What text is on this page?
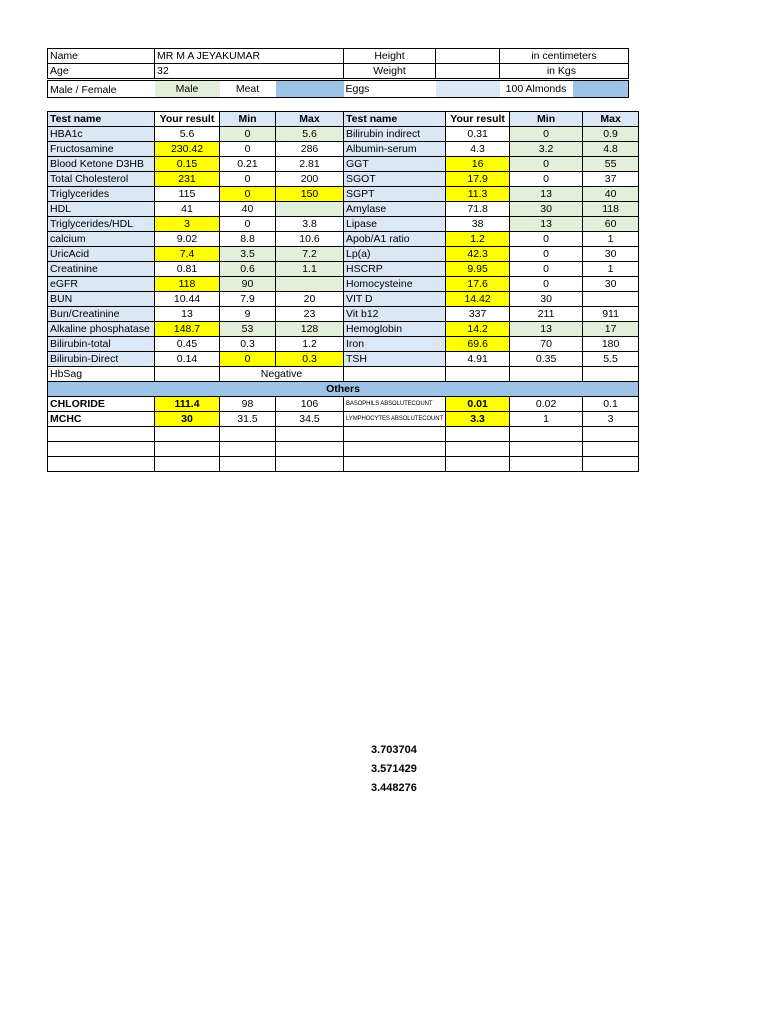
Name	MR M A JEYAKUMAR	Height		in centimeters
Age	32	Weight		in Kgs
Male / Female	Male	Meat		Eggs		100 Almonds	
Test name	Your result	Min	Max	Test name	Your result	Min	Max
HBA1c	5.6	0	5.6	Bilirubin indirect	0.31	0	0.9
Fructosamine	230.42	0	286	Albumin-serum	4.3	3.2	4.8
Blood Ketone D3HB	0.15	0.21	2.81	GGT	16	0	55
Total Cholesterol	231	0	200	SGOT	17.9	0	37
Triglycerides	115	0	150	SGPT	11.3	13	40
HDL	41	40		Amylase	71.8	30	118
Triglycerides/HDL	3	0	3.8	Lipase	38	13	60
calcium	9.02	8.8	10.6	Apob/A1 ratio	1.2	0	1
UricAcid	7.4	3.5	7.2	Lp(a)	42.3	0	30
Creatinine	0.81	0.6	1.1	HSCRP	9.95	0	1
eGFR	118	90		Homocysteine	17.6	0	30
BUN	10.44	7.9	20	VIT D	14.42	30	
Bun/Creatinine	13	9	23	Vit b12	337	211	911
Alkaline phosphatase	148.7	53	128	Hemoglobin	14.2	13	17
Bilirubin-total	0.45	0.3	1.2	Iron	69.6	70	180
Bilirubin-Direct	0.14	0	0.3	TSH	4.91	0.35	5.5
HbSag		Negative					
Others							
CHLORIDE	111.4	98	106	BASOPHILS ABSOLUTECOUNT	0.01	0.02	0.1
MCHC	30	31.5	34.5	LYMPHOCYTES ABSOLUTECOUNT	3.3	1	3

3.703704
3.571429
3.448276
